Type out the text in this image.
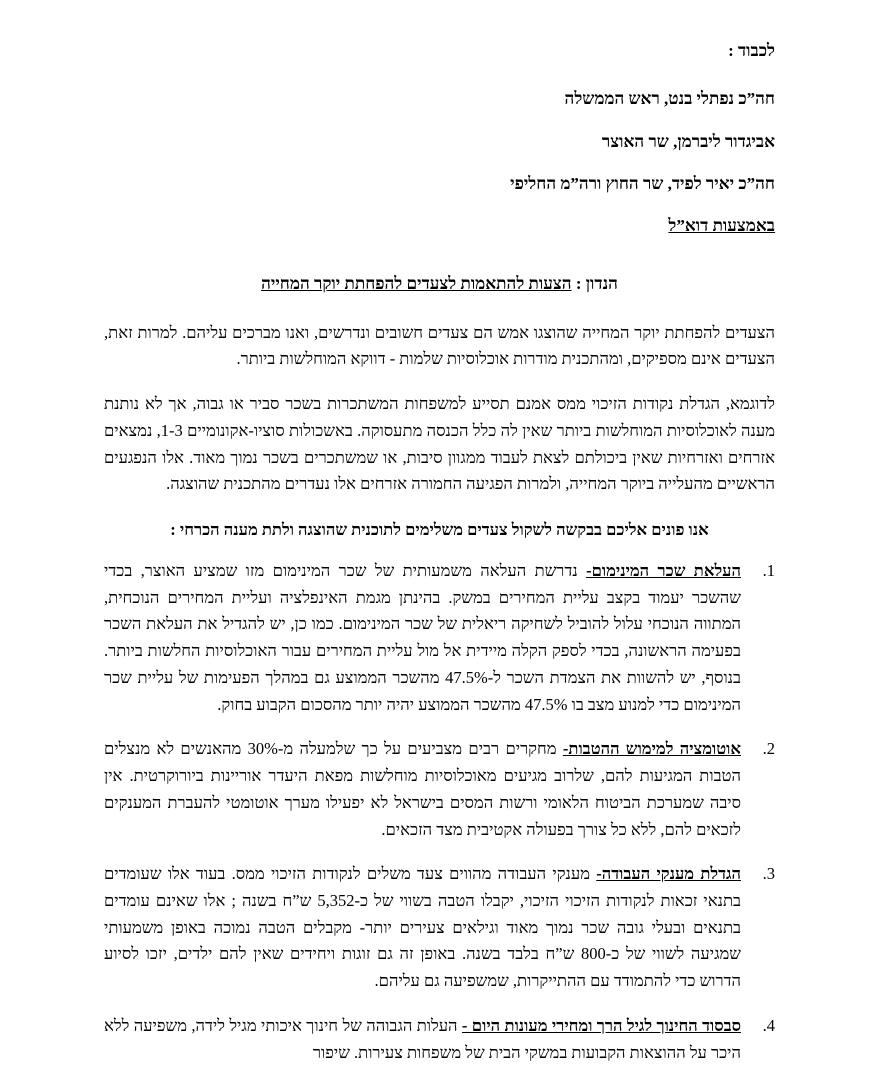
לכבוד :
חה”כ נפתלי בנט, ראש הממשלה
אביגדור ליברמן, שר האוצר
חה”כ יאיר לפיד, שר החוץ ורה”מ החליפי
באמצעות דוא”ל
הנדון : הצעות להתאמות לצעדים להפחתת יוקר המחייה

הצעדים להפחתת יוקר המחייה שהוצגו אמש הם צעדים חשובים ונדרשים, ואנו מברכים עליהם. למרות זאת, הצעדים אינם מספיקים, ומהתכנית מודרות אוכלוסיות שלמות - דווקא המוחלשות ביותר.

לדוגמא, הגדלת נקודות הזיכוי ממס אמנם תסייע למשפחות המשתכרות בשכר סביר או גבוה, אך לא נותנת מענה לאוכלוסיות המוחלשות ביותר שאין לה כלל הכנסה מתעסוקה. באשכולות סוציו-אקונומיים 1-3, נמצאים אזרחים ואזרחיות שאין ביכולתם לצאת לעבוד ממגוון סיבות, או שמשתכרים בשכר נמוך מאוד. אלו הנפגעים הראשיים מהעלייה ביוקר המחייה, ולמרות הפגיעה החמורה אזרחים אלו נעדרים מהתכנית שהוצגה.

אנו פונים אליכם בבקשה לשקול צעדים משלימים לתוכנית שהוצגה ולתת מענה הכרחי :
העלאת שכר המינימום- נדרשת העלאה משמעותית של שכר המינימום מזו שמציע האוצר, בכדי שהשכר יעמוד בקצב עליית המחירים במשק. בהינתן מגמת האינפלציה ועליית המחירים הנוכחית, המתווה הנוכחי עלול להוביל לשחיקה ריאלית של שכר המינימום. כמו כן, יש להגדיל את העלאת השכר בפעימה הראשונה, בכדי לספק הקלה מיידית אל מול עליית המחירים עבור האוכלוסיות החלשות ביותר. בנוסף, יש להשוות את הצמדת השכר ל-47.5% מהשכר הממוצע גם במהלך הפעימות של עליית שכר המינימום כדי למנוע מצב בו 47.5% מהשכר הממוצע יהיה יותר מהסכום הקבוע בחוק.
אוטומציה למימוש ההטבות- מחקרים רבים מצביעים על כך שלמעלה מ-30% מהאנשים לא מנצלים הטבות המגיעות להם, שלרוב מגיעים מאוכלוסיות מוחלשות מפאת היעדר אוריינות ביורוקרטית. אין סיבה שמערכת הביטוח הלאומי ורשות המסים בישראל לא יפעילו מערך אוטומטי להעברת המענקים לזכאים להם, ללא כל צורך בפעולה אקטיבית מצד הזכאים.
הגדלת מענקי העבודה- מענקי העבודה מהווים צעד משלים לנקודות הזיכוי ממס. בעוד אלו שעומדים בתנאי זכאות לנקודות הזיכוי הזיכוי, יקבלו הטבה בשווי של כ-5,352 ש”ח בשנה ; אלו שאינם עומדים בתנאים ובעלי גובה שכר נמוך מאוד וגילאים צעירים יותר- מקבלים הטבה נמוכה באופן משמעותי שמגיעה לשווי של כ-800 ש”ח בלבד בשנה. באופן זה גם זוגות ויחידים שאין להם ילדים, יזכו לסיוע הדרוש כדי להתמודד עם ההתייקרות, שמשפיעה גם עליהם.
סבסוד החינוך לגיל הרך ומחירי מעונות היום - העלות הגבוהה של חינוך איכותי מגיל לידה, משפיעה ללא היכר על ההוצאות הקבועות במשקי הבית של משפחות צעירות. שיפור
